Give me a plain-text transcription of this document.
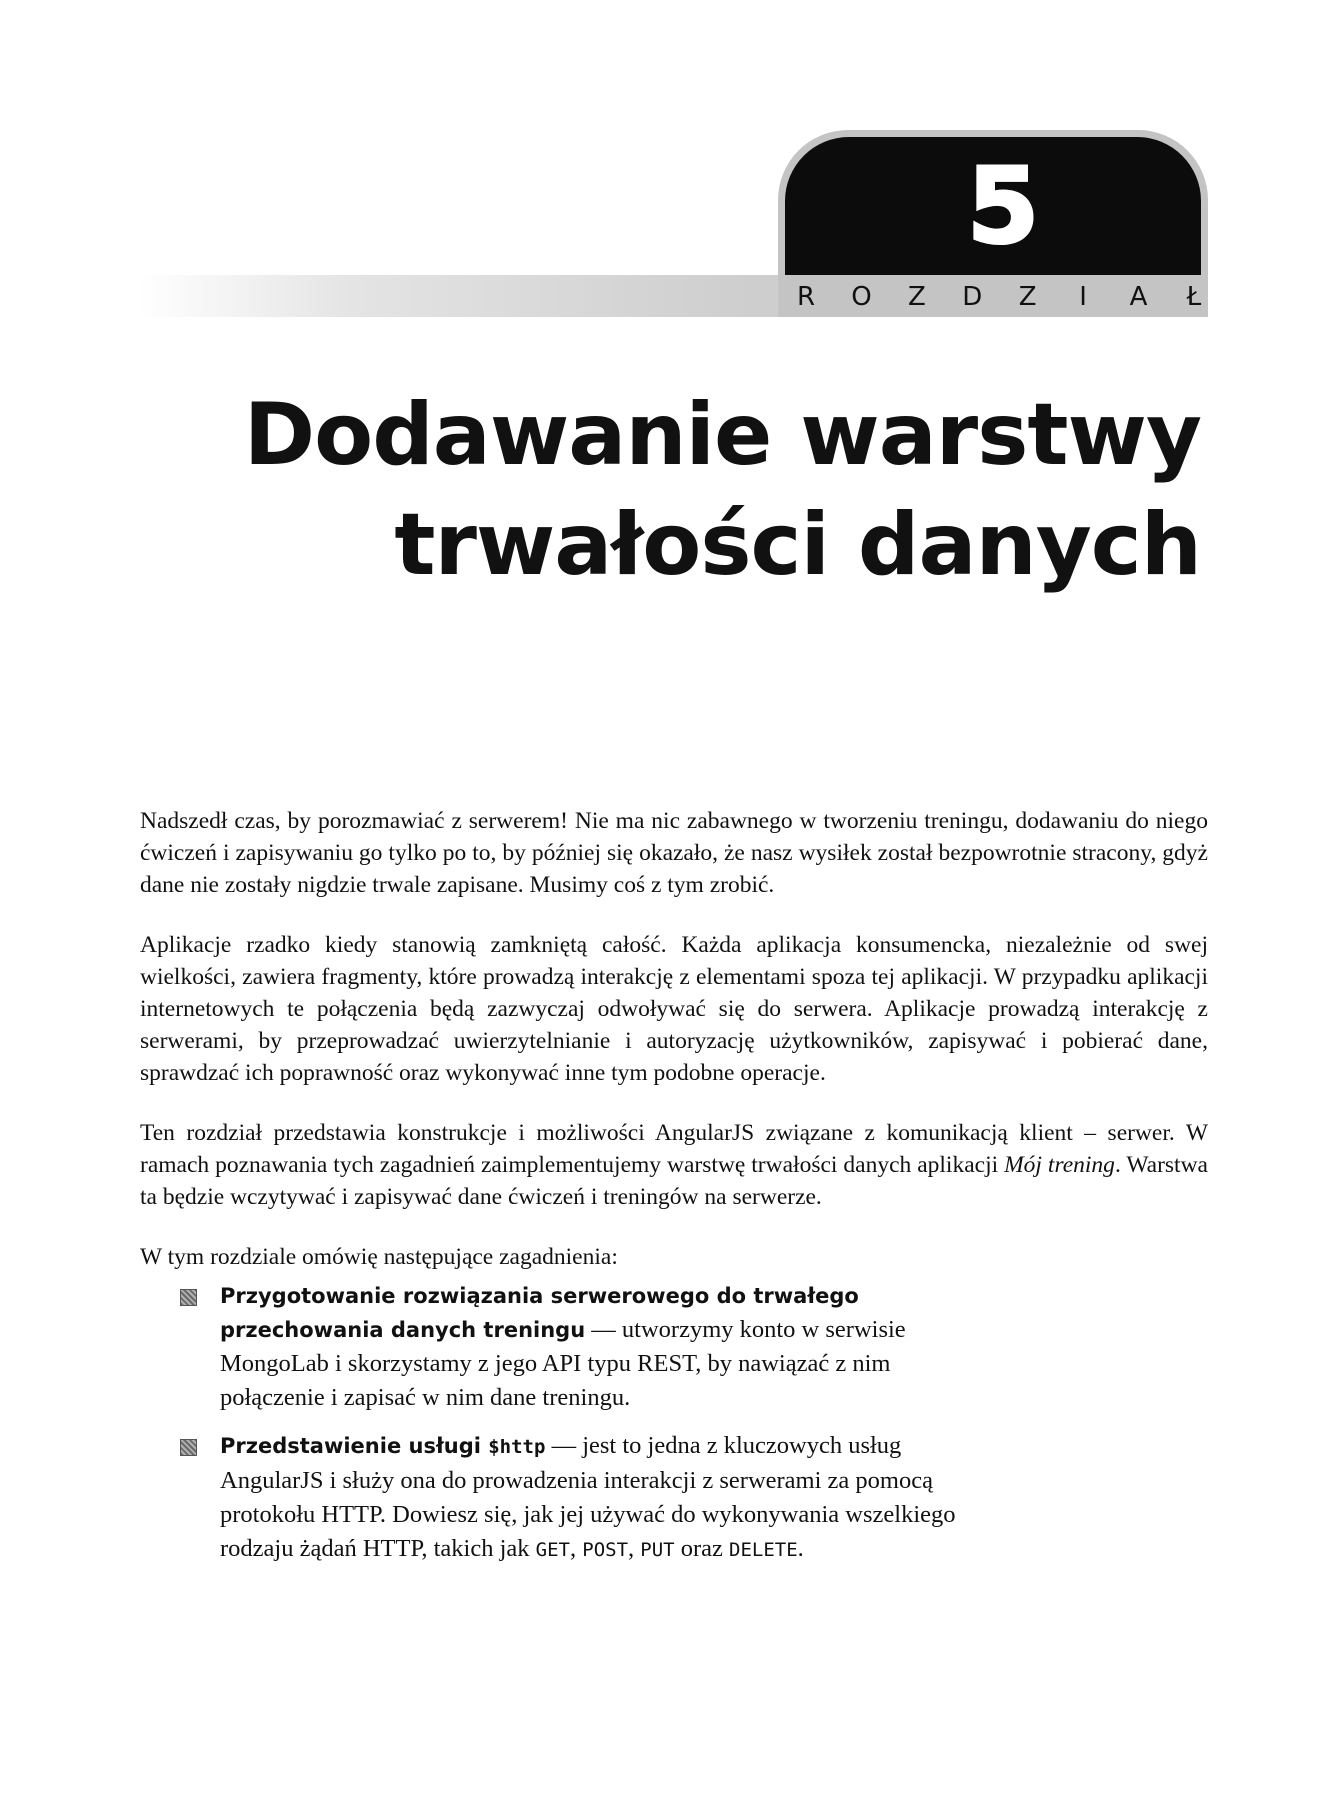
5
R O Z D Z	I	A	Ł
Dodawanie warstwy
trwałości danych

Nadszedł czas, by porozmawiać z serwerem! Nie ma nic zabawnego w tworzeniu treningu, dodawaniu do niego ćwiczeń i zapisywaniu go tylko po to, by później się okazało, że nasz wysiłek został bezpowrotnie stracony, gdyż dane nie zostały nigdzie trwale zapisane. Musimy coś z tym zrobić.

Aplikacje rzadko kiedy stanowią zamkniętą całość. Każda aplikacja konsumencka, niezależnie od swej wielkości, zawiera fragmenty, które prowadzą interakcję z elementami spoza tej aplikacji. W przypadku aplikacji internetowych te połączenia będą zazwyczaj odwoływać się do serwera. Aplikacje prowadzą interakcję z serwerami, by przeprowadzać uwierzytelnianie i autoryzację użytkowników, zapisywać i pobierać dane, sprawdzać ich poprawność oraz wykonywać inne tym podobne operacje.

Ten rozdział przedstawia konstrukcje i możliwości AngularJS związane z komunikacją klient – serwer. W ramach poznawania tych zagadnień zaimplementujemy warstwę trwałości danych aplikacji Mój trening. Warstwa ta będzie wczytywać i zapisywać dane ćwiczeń i treningów na serwerze.

W tym rozdziale omówię następujące zagadnienia:

Przygotowanie rozwiązania serwerowego do trwałego przechowania danych treningu — utworzymy konto w serwisie MongoLab i skorzystamy z jego API typu REST, by nawiązać z nim połączenie i zapisać w nim dane treningu.
Przedstawienie usługi $http — jest to jedna z kluczowych usług AngularJS i służy ona do prowadzenia interakcji z serwerami za pomocą protokołu HTTP. Dowiesz się, jak jej używać do wykonywania wszelkiego rodzaju żądań HTTP, takich jak GET, POST, PUT oraz DELETE.
